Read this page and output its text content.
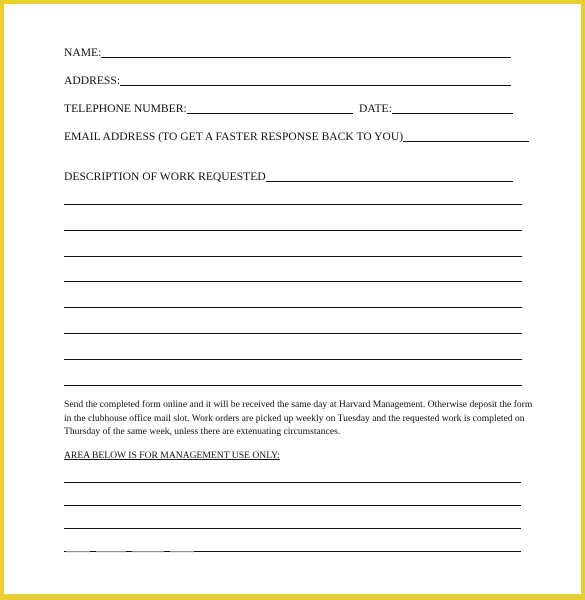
NAME:
ADDRESS:
TELEPHONE NUMBER:	DATE:
EMAIL ADDRESS (TO GET A FASTER RESPONSE BACK TO YOU)
DESCRIPTION OF WORK REQUESTED
Send the completed form online and it will be received the same day at Harvard Management. Otherwise deposit the form in the clubhouse office mail slot. Work orders are picked up weekly on Tuesday and the requested work is completed on Thursday of the same week, unless there are extenuating circumstances.
AREA BELOW IS FOR MANAGEMENT USE ONLY:
